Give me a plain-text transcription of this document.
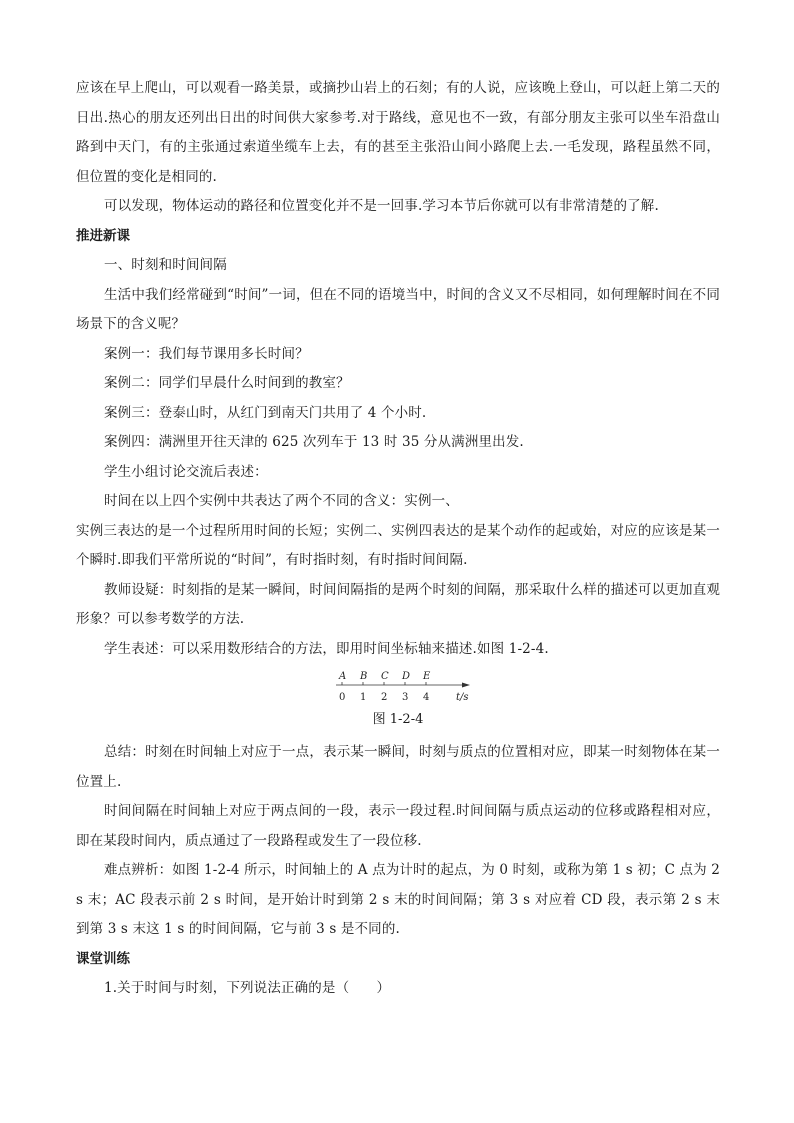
应该在早上爬山，可以观看一路美景，或摘抄山岩上的石刻；有的人说，应该晚上登山，可以赶上第二天的日出.热心的朋友还列出日出的时间供大家参考.对于路线，意见也不一致，有部分朋友主张可以坐车沿盘山路到中天门，有的主张通过索道坐缆车上去，有的甚至主张沿山间小路爬上去.一毛发现，路程虽然不同，但位置的变化是相同的.

可以发现，物体运动的路径和位置变化并不是一回事.学习本节后你就可以有非常清楚的了解.

推进新课

一、时刻和时间间隔

生活中我们经常碰到“时间”一词，但在不同的语境当中，时间的含义又不尽相同，如何理解时间在不同场景下的含义呢？

案例一：我们每节课用多长时间？

案例二：同学们早晨什么时间到的教室？

案例三：登泰山时，从红门到南天门共用了 4 个小时.

案例四：满洲里开往天津的 625 次列车于 13 时 35 分从满洲里出发.

学生小组讨论交流后表述：

时间在以上四个实例中共表达了两个不同的含义：实例一、

实例三表达的是一个过程所用时间的长短；实例二、实例四表达的是某个动作的起或始，对应的应该是某一个瞬时.即我们平常所说的“时间”，有时指时刻，有时指时间间隔.

教师设疑：时刻指的是某一瞬间，时间间隔指的是两个时刻的间隔，那采取什么样的描述可以更加直观形象？可以参考数学的方法.

学生表述：可以采用数形结合的方法，即用时间坐标轴来描述.如图 1-2-4.

A
0
B
1
C
2
D
3
E
4	t/s

图 1-2-4

总结：时刻在时间轴上对应于一点，表示某一瞬间，时刻与质点的位置相对应，即某一时刻物体在某一位置上.

时间间隔在时间轴上对应于两点间的一段，表示一段过程.时间间隔与质点运动的位移或路程相对应，即在某段时间内，质点通过了一段路程或发生了一段位移.

难点辨析：如图 1-2-4 所示，时间轴上的 A 点为计时的起点，为 0 时刻，或称为第 1 s 初；C 点为 2 s 末；AC 段表示前 2 s 时间，是开始计时到第 2 s 末的时间间隔；第 3 s 对应着 CD 段，表示第 2 s 末到第 3 s 末这 1 s 的时间间隔，它与前 3 s 是不同的.

课堂训练

1.关于时间与时刻，下列说法正确的是（　　）
